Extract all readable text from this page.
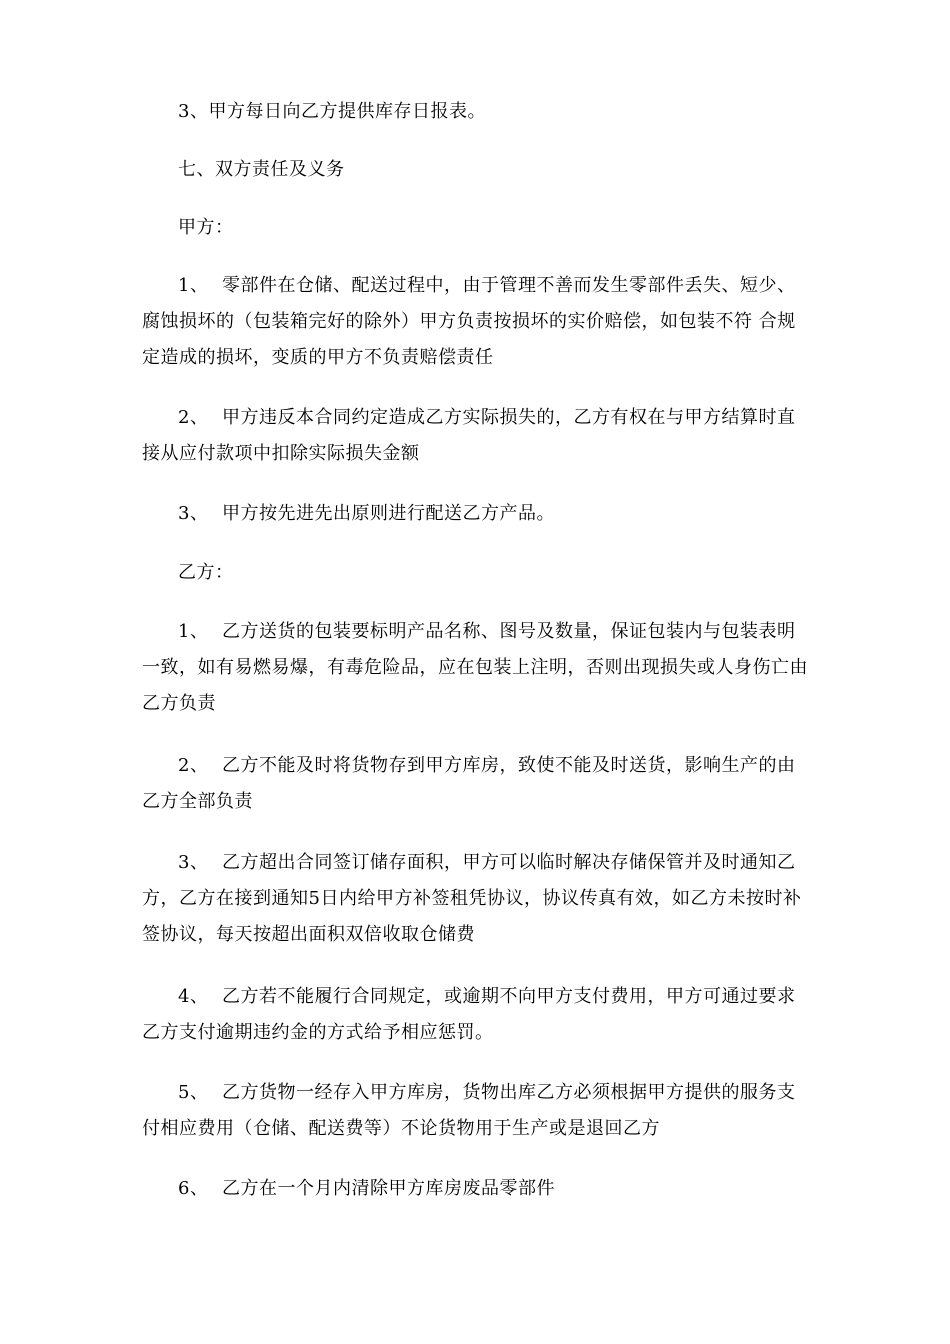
3、甲方每日向乙方提供库存日报表。

七、双方责任及义务

甲方：

1、 零部件在仓储、配送过程中，由于管理不善而发生零部件丢失、短少、腐蚀损坏的（包装箱完好的除外）甲方负责按损坏的实价赔偿，如包装不符 合规定造成的损坏，变质的甲方不负责赔偿责任

2、 甲方违反本合同约定造成乙方实际损失的，乙方有权在与甲方结算时直接从应付款项中扣除实际损失金额

3、 甲方按先进先出原则进行配送乙方产品。

乙方：

1、 乙方送货的包装要标明产品名称、图号及数量，保证包装内与包装表明一致，如有易燃易爆，有毒危险品，应在包装上注明，否则出现损失或人身伤亡由乙方负责

2、 乙方不能及时将货物存到甲方库房，致使不能及时送货，影响生产的由乙方全部负责

3、 乙方超出合同签订储存面积，甲方可以临时解决存储保管并及时通知乙方，乙方在接到通知5日内给甲方补签租凭协议，协议传真有效，如乙方未按时补签协议，每天按超出面积双倍收取仓储费

4、 乙方若不能履行合同规定，或逾期不向甲方支付费用，甲方可通过要求乙方支付逾期违约金的方式给予相应惩罚。

5、 乙方货物一经存入甲方库房，货物出库乙方必须根据甲方提供的服务支付相应费用（仓储、配送费等）不论货物用于生产或是退回乙方

6、 乙方在一个月内清除甲方库房废品零部件
